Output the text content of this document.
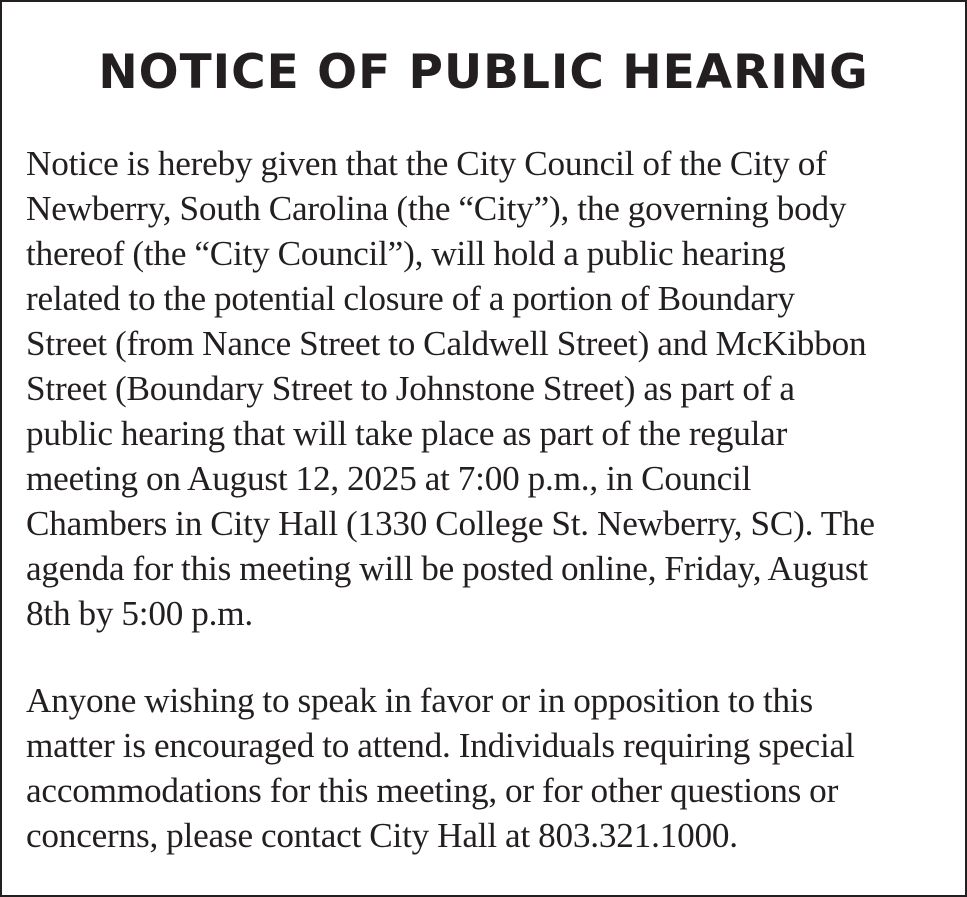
NOTICE OF PUBLIC HEARING

Notice is hereby given that the City Council of the City of
Newberry, South Carolina (the “City”), the governing body
thereof (the “City Council”), will hold a public hearing
related to the potential closure of a portion of Boundary
Street (from Nance Street to Caldwell Street) and McKibbon
Street (Boundary Street to Johnstone Street) as part of a
public hearing that will take place as part of the regular
meeting on August 12, 2025 at 7:00 p.m., in Council
Chambers in City Hall (1330 College St. Newberry, SC). The
agenda for this meeting will be posted online, Friday, August
8th by 5:00 p.m.

Anyone wishing to speak in favor or in opposition to this
matter is encouraged to attend. Individuals requiring special
accommodations for this meeting, or for other questions or
concerns, please contact City Hall at 803.321.1000.
